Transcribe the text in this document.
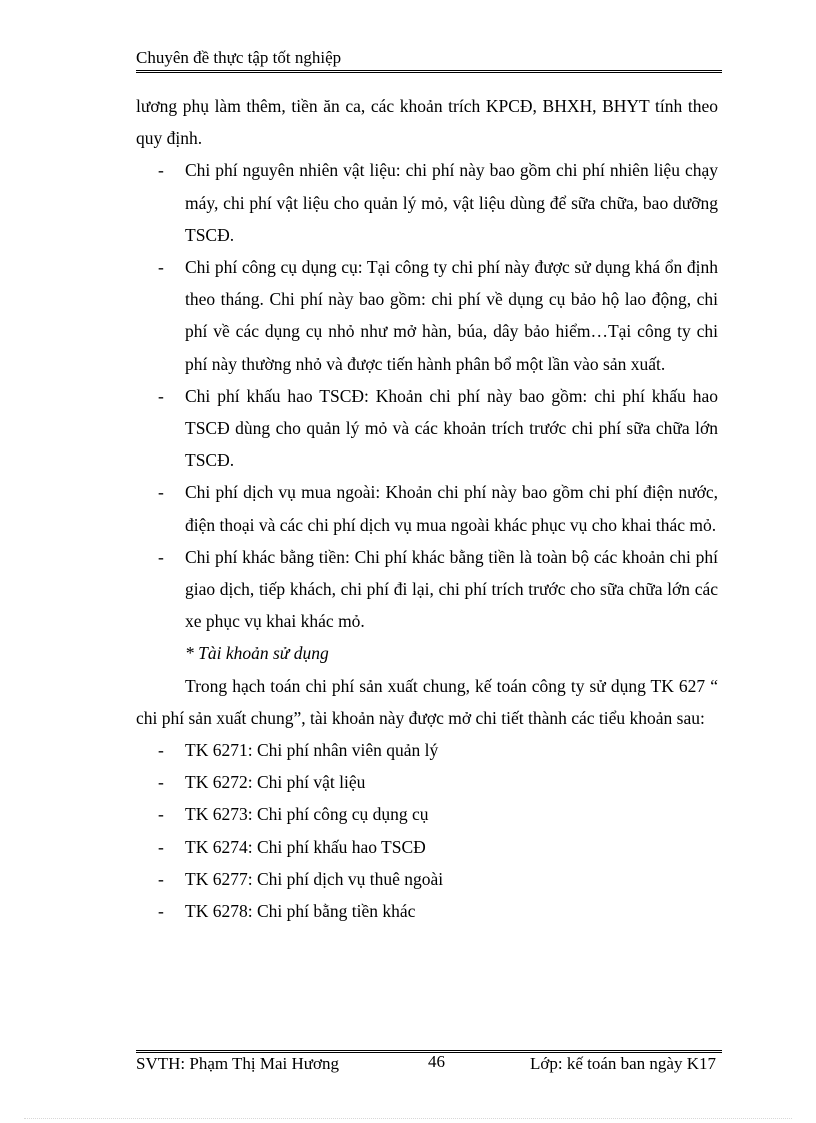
Chuyên đề thực tập tốt nghiệp

lương phụ làm thêm, tiền ăn ca, các khoản trích KPCĐ, BHXH, BHYT tính theo quy định.

- Chi phí nguyên nhiên vật liệu: chi phí này bao gồm chi phí nhiên liệu chạy máy, chi phí vật liệu cho quản lý mỏ, vật liệu dùng để sữa chữa, bao dưỡng TSCĐ.
- Chi phí công cụ dụng cụ: Tại công ty chi phí này được sử dụng khá ổn định theo tháng. Chi phí này bao gồm: chi phí về dụng cụ bảo hộ lao động, chi phí về các dụng cụ nhỏ như mở hàn, búa, dây bảo hiểm…Tại công ty chi phí này thường nhỏ và được tiến hành phân bổ một lần vào sản xuất.
- Chi phí khấu hao TSCĐ: Khoản chi phí này bao gồm: chi phí khấu hao TSCĐ dùng cho quản lý mỏ và các khoản trích trước chi phí sữa chữa lớn TSCĐ.
- Chi phí dịch vụ mua ngoài: Khoản chi phí này bao gồm chi phí điện nước, điện thoại và các chi phí dịch vụ mua ngoài khác phục vụ cho khai thác mỏ.
- Chi phí khác bằng tiền: Chi phí khác bằng tiền là toàn bộ các khoản chi phí giao dịch, tiếp khách, chi phí đi lại, chi phí trích trước cho sữa chữa lớn các xe phục vụ khai khác mỏ.

* Tài khoản sử dụng

Trong hạch toán chi phí sản xuất chung, kế toán công ty sử dụng TK 627 “ chi phí sản xuất chung”, tài khoản này được mở chi tiết thành các tiểu khoản sau:

- TK 6271: Chi phí nhân viên quản lý
- TK 6272: Chi phí vật liệu
- TK 6273: Chi phí công cụ dụng cụ
- TK 6274: Chi phí khấu hao TSCĐ
- TK 6277: Chi phí dịch vụ thuê ngoài
- TK 6278: Chi phí bằng tiền khác
SVTH: Phạm Thị Mai Hương	46	Lớp: kế toán ban ngày K17
